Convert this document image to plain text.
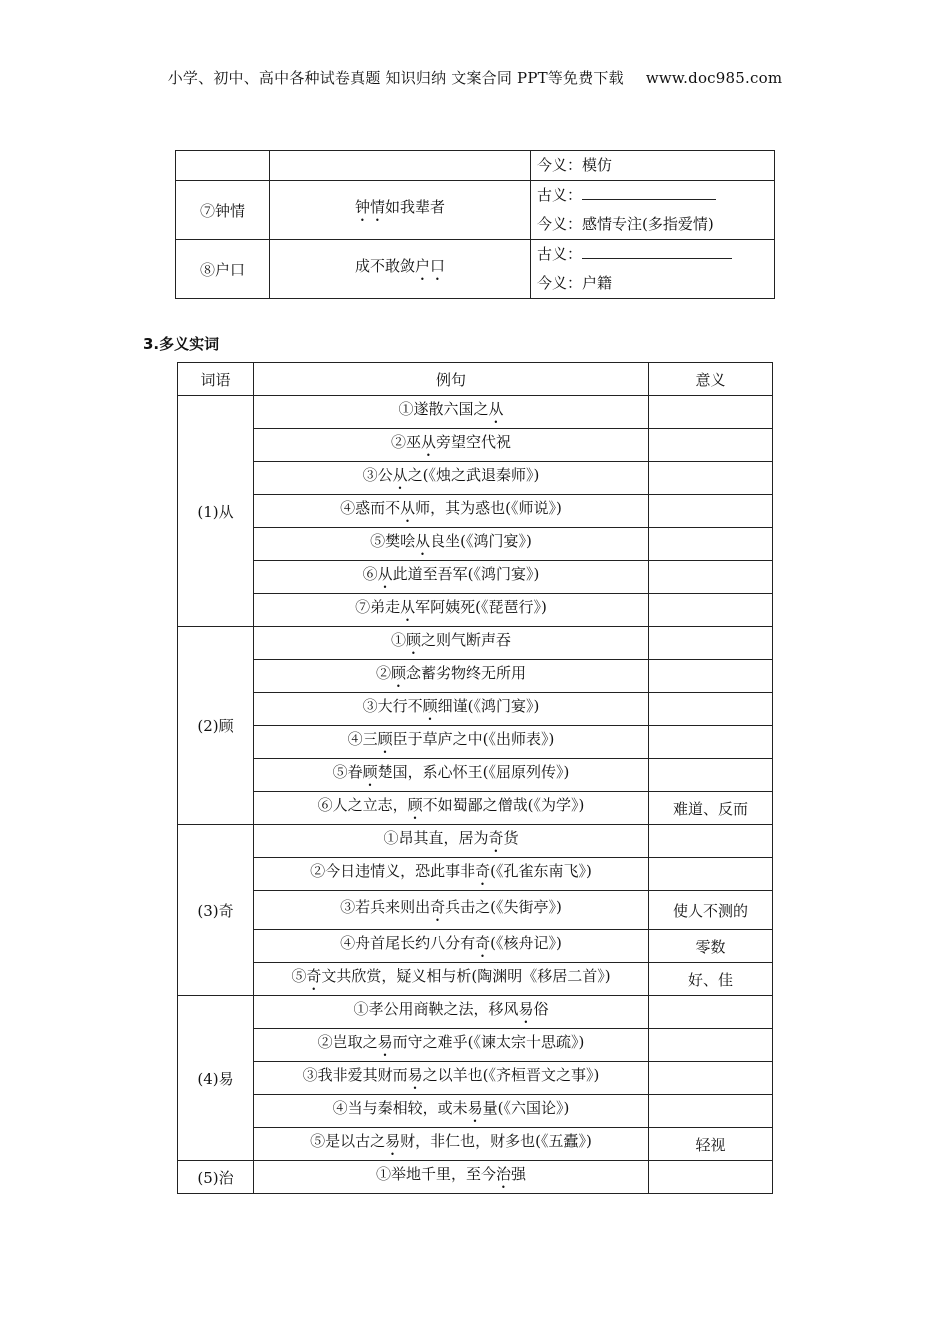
小学、初中、高中各种试卷真题 知识归纳 文案合同 PPT等免费下载 www.doc985.com

		今义：模仿

⑦钟情	钟情如我辈者	古义：
今义：感情专注(多指爱情)

⑧户口	成不敢敛户口	古义：
今义：户籍
3.多义实词
词语	例句	意义
(1)从	①遂散六国之从	
	②巫从旁望空代祝	
	③公从之(《烛之武退秦师》)	
	④惑而不从师，其为惑也(《师说》)	
	⑤樊哙从良坐(《鸿门宴》)	
	⑥从此道至吾军(《鸿门宴》)	
	⑦弟走从军阿姨死(《琵琶行》)	
(2)顾	①顾之则气断声吞	
	②顾念蓄劣物终无所用	
	③大行不顾细谨(《鸿门宴》)	
	④三顾臣于草庐之中(《出师表》)	
	⑤眷顾楚国，系心怀王(《屈原列传》)	
	⑥人之立志，顾不如蜀鄙之僧哉(《为学》)	难道、反而
(3)奇	①昂其直，居为奇货	
	②今日违情义，恐此事非奇(《孔雀东南飞》)	
	③若兵来则出奇兵击之(《失街亭》)	使人不测的
	④舟首尾长约八分有奇(《核舟记》)	零数
	⑤奇文共欣赏，疑义相与析(陶渊明《移居二首》)	好、佳
(4)易	①孝公用商鞅之法，移风易俗	
	②岂取之易而守之难乎(《谏太宗十思疏》)	
	③我非爱其财而易之以羊也(《齐桓晋文之事》)	
	④当与秦相较，或未易量(《六国论》)	
	⑤是以古之易财，非仁也，财多也(《五蠹》)	轻视
(5)治	①举地千里，至今治强	
